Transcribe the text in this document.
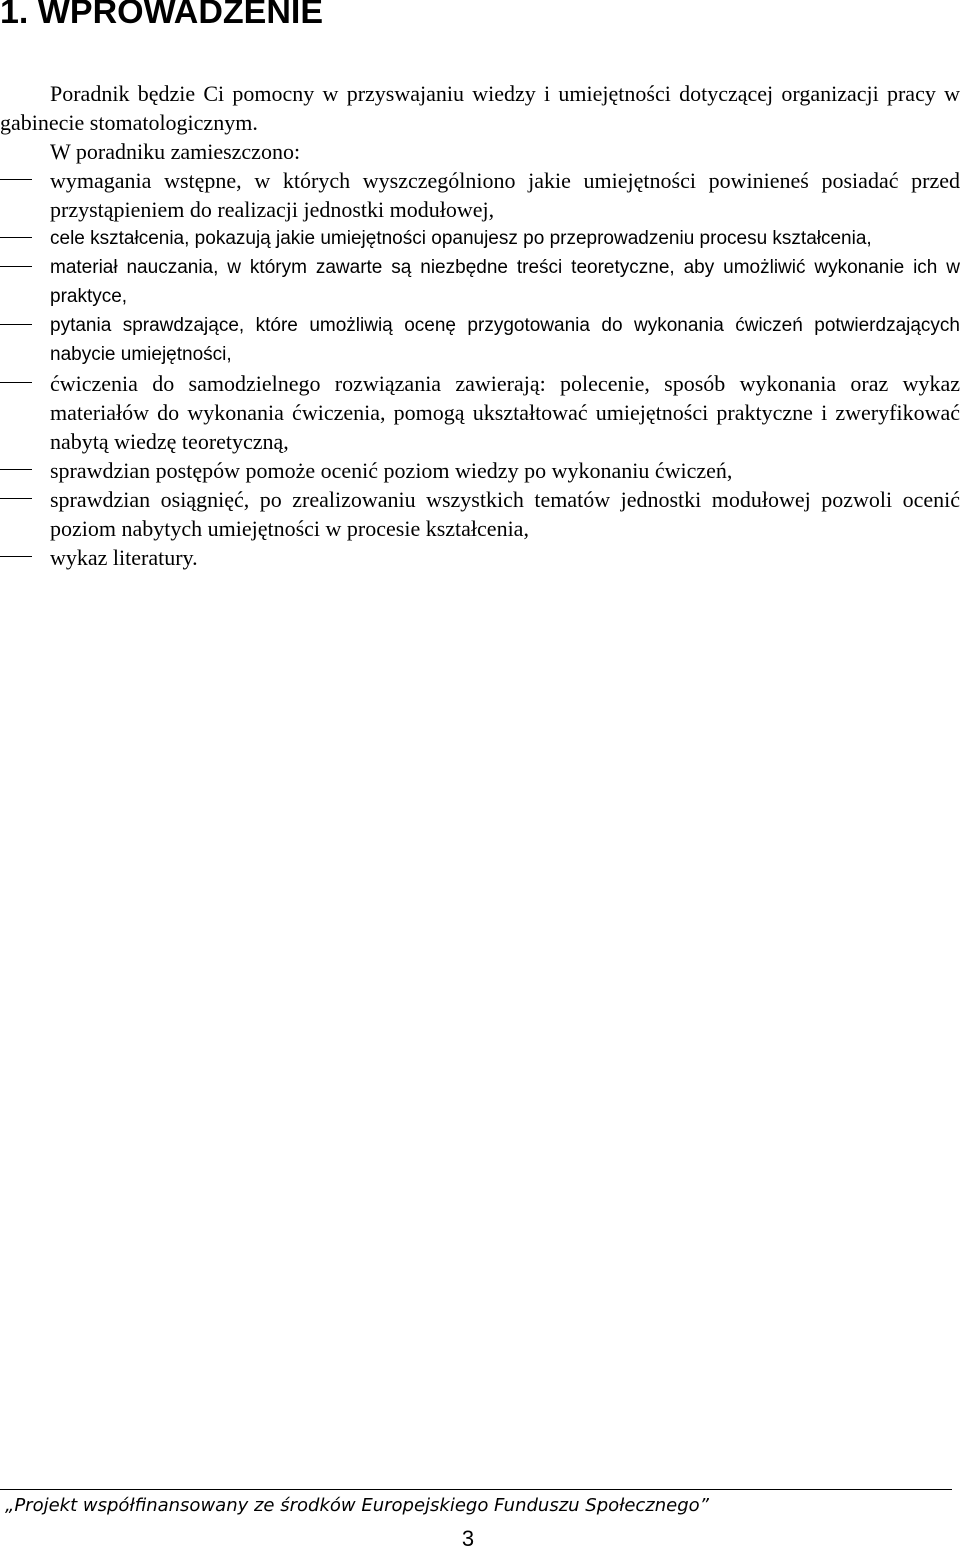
1. WPROWADZENIE

Poradnik będzie Ci pomocny w przyswajaniu wiedzy i umiejętności dotyczącej organizacji pracy w gabinecie stomatologicznym.

W poradniku zamieszczono:

wymagania wstępne, w których wyszczególniono jakie umiejętności powinieneś posiadać przed przystąpieniem do realizacji jednostki modułowej,
cele kształcenia, pokazują jakie umiejętności opanujesz po przeprowadzeniu procesu kształcenia,
materiał nauczania, w którym zawarte są niezbędne treści teoretyczne, aby umożliwić wykonanie ich w praktyce,
pytania sprawdzające, które umożliwią ocenę przygotowania do wykonania ćwiczeń potwierdzających nabycie umiejętności,
ćwiczenia do samodzielnego rozwiązania zawierają: polecenie, sposób wykonania oraz wykaz materiałów do wykonania ćwiczenia, pomogą ukształtować umiejętności praktyczne i zweryfikować nabytą wiedzę teoretyczną,
sprawdzian postępów pomoże ocenić poziom wiedzy po wykonaniu ćwiczeń,
sprawdzian osiągnięć, po zrealizowaniu wszystkich tematów jednostki modułowej pozwoli ocenić poziom nabytych umiejętności w procesie kształcenia,
wykaz literatury.
„Projekt współfinansowany ze środków Europejskiego Funduszu Społecznego”
3
